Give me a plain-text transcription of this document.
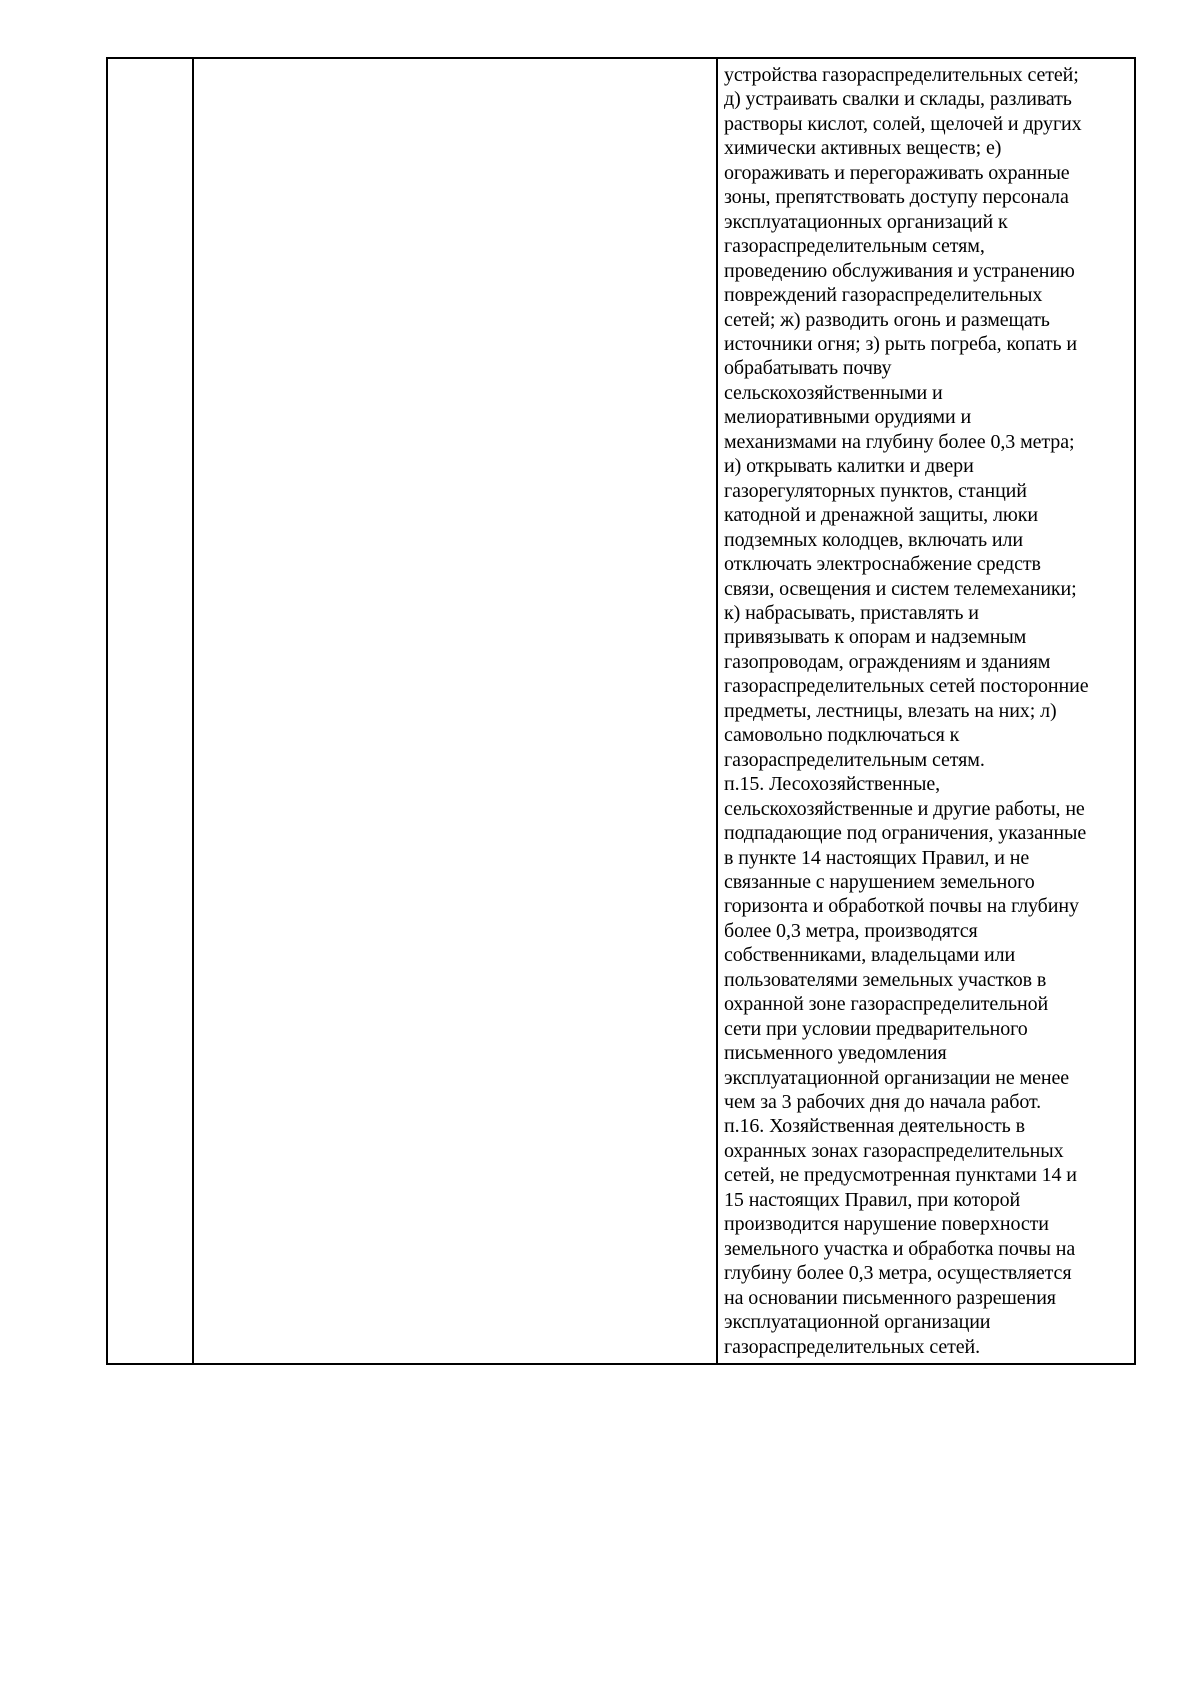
устройства газораспределительных сетей;
д) устраивать свалки и склады, разливать
растворы кислот, солей, щелочей и других
химически активных веществ; е)
огораживать и перегораживать охранные
зоны, препятствовать доступу персонала
эксплуатационных организаций к
газораспределительным сетям,
проведению обслуживания и устранению
повреждений газораспределительных
сетей; ж) разводить огонь и размещать
источники огня; з) рыть погреба, копать и
обрабатывать почву
сельскохозяйственными и
мелиоративными орудиями и
механизмами на глубину более 0,3 метра;
и) открывать калитки и двери
газорегуляторных пунктов, станций
катодной и дренажной защиты, люки
подземных колодцев, включать или
отключать электроснабжение средств
связи, освещения и систем телемеханики;
к) набрасывать, приставлять и
привязывать к опорам и надземным
газопроводам, ограждениям и зданиям
газораспределительных сетей посторонние
предметы, лестницы, влезать на них; л)
самовольно подключаться к
газораспределительным сетям.
п.15. Лесохозяйственные,
сельскохозяйственные и другие работы, не
подпадающие под ограничения, указанные
в пункте 14 настоящих Правил, и не
связанные с нарушением земельного
горизонта и обработкой почвы на глубину
более 0,3 метра, производятся
собственниками, владельцами или
пользователями земельных участков в
охранной зоне газораспределительной
сети при условии предварительного
письменного уведомления
эксплуатационной организации не менее
чем за 3 рабочих дня до начала работ.
п.16. Хозяйственная деятельность в
охранных зонах газораспределительных
сетей, не предусмотренная пунктами 14 и
15 настоящих Правил, при которой
производится нарушение поверхности
земельного участка и обработка почвы на
глубину более 0,3 метра, осуществляется
на основании письменного разрешения
эксплуатационной организации
газораспределительных сетей.
